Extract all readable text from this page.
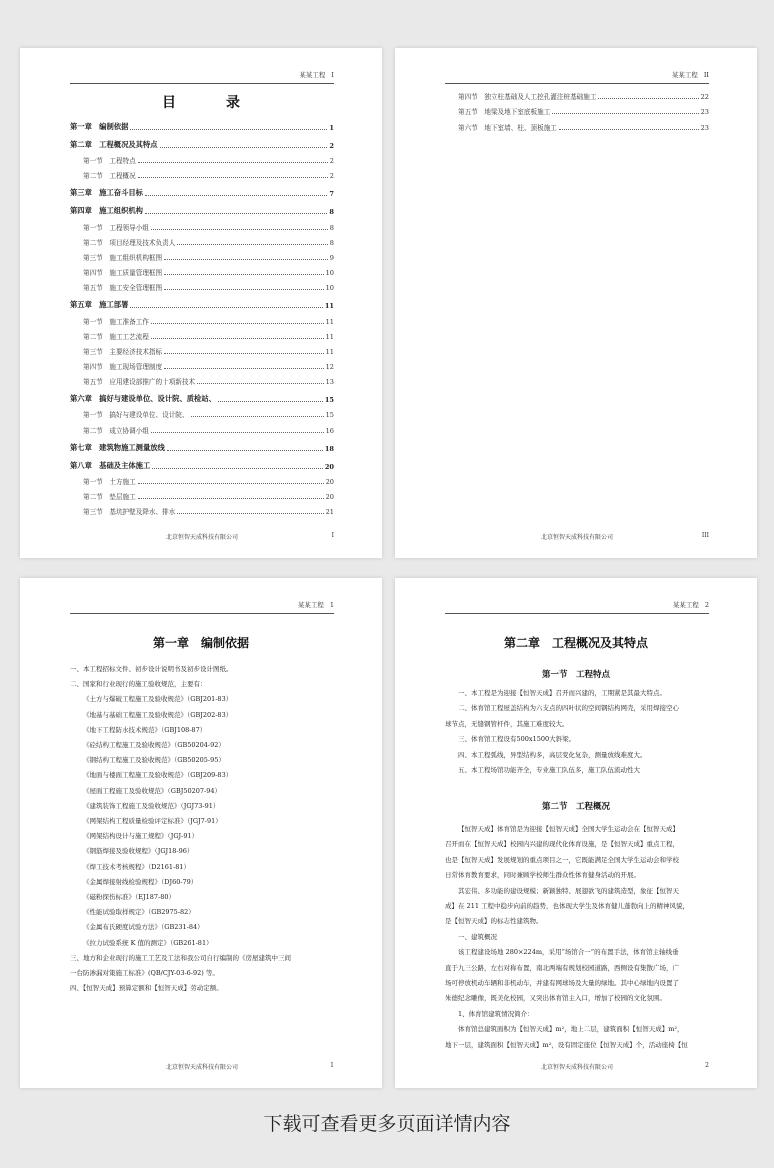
某某工程 I
目　录
第一章　编制依据	1
第二章　工程概况及其特点	2
第一节　工程特点	2
第二节　工程概况	2
第三章　施工奋斗目标	7
第四章　施工组织机构	8
第一节　工程领导小组	8
第二节　项目经理及技术负责人	8
第三节　施工组织机构框图	9
第四节　施工质量管理框图	10
第五节　施工安全管理框图	10
第五章　施工部署	11
第一节　施工准备工作	11
第二节　施工工艺流程	11
第三节　主要经济技术指标	11
第四节　施工现场管理制度	12
第五节　应用建设部推广的十项新技术	13
第六章　搞好与建设单位、设计院、质检站、	15
第一节　搞好与建设单位、设计院、	15
第二节　成立协调小组	16
第七章　建筑物施工测量放线	18
第八章　基础及主体施工	20
第一节　土方施工	20
第二节　垫层施工	20
第三节　基坑护壁及降水、排水	21
北京恒智天成科技有限公司	I
某某工程 II
第四节　独立柱基础及人工挖孔灌注桩基础施工	22
第五节　地梁及地下室底板施工	23
第六节　地下室墙、柱、顶板施工	23
北京恒智天成科技有限公司	III
某某工程 1
第一章　编制依据
一、本工程招标文件、初步设计说明书及初步设计图纸。
二、国家和行业现行的施工验收规范，主要有：
《土方与爆破工程施工及验收规范》（GBJ201-83）
《地基与基础工程施工及验收规范》（GBJ202-83）
《地下工程防水技术规范》（GBJ108-87）
《砼结构工程施工及验收规范》（GB50204-92）
《钢结构工程施工及验收规范》（GB50205-95）
《地面与楼面工程施工及验收规范》（GBJ209-83）
《屋面工程施工及验收规范》（GBJ50207-94）
《建筑装饰工程施工及验收规范》（JGJ73-91）
《网架结构工程质量检验评定标准》（JGJ7-91）
《网架结构设计与施工规程》（JGJ-91）
《钢筋焊接及验收规程》（JGJ18-96）
《焊工技术考核规程》（D2161-81）
《金属焊接射线检验规程》（DJ60-79）
《磁粉探伤标准》（EJ187-80）
《性能试验取样规定》（GB2975-82）
《金属布氏硬度试验方法》（GB231-84）
《拉力试验系统 K 值的测定》（GB261-81）
三、地方和企业现行的施工工艺及工法和我公司自行编制的《房屋建筑中三间
一台防渗漏对策施工标准》(QB/CJY-03-6-92) 等。
四、【恒智天成】预算定额和【恒智天成】劳动定额。
北京恒智天成科技有限公司	1
某某工程 2
第二章　工程概况及其特点
第一节　工程特点
一、本工程是为迎接【恒智天成】召开而兴建的，工期紧是其最大特点。
二、体育馆工程屋盖结构为六支点的四叶状的空间钢结构网壳，采用焊接空心
球节点，无缝钢管杆件，其施工难度较大。
三、体育馆工程设有500x1500大斜梁。
四、本工程弧线，异型结构多，高层变化复杂，测量放线难度大。
五、本工程场馆功能齐全，专业施工队伍多，施工队伍流动性大
第二节　工程概况
【恒智天成】体育馆是为迎接【恒智天成】全国大学生运动会在【恒智天成】
召开而在【恒智天成】校园内兴建的现代化体育设施，是【恒智天成】重点工程，
也是【恒智天成】发展规划的重点项目之一，它既能满足全国大学生运动会和学校
日常体育教育要求，同时兼顾学校师生群众性体育健身活动的开展。
其宏伟、多功能的建设规模；新颖独特、展翅欲飞的建筑造型，象征【恒智天
成】在 211 工程中稳步向前的趋势，也体现大学生及体育健儿蓬勃向上的精神风貌，
是【恒智天成】的标志性建筑物。
一、建筑概况
该工程建设场地 280×224m，采用“场馆合一”的布置手法，体育馆主轴线垂
直于九三公路，左右对称布置，南北两端有规划校园道路，西侧设有集散广场，广
场可停放机动车辆和非机动车，并建有网球场及大量的绿地。其中心绿地内设置了
朱德纪念雕像，既美化校园，又突出体育馆主入口，增加了校园的文化氛围。
1、体育馆建筑情况简介：
体育馆总建筑面积为【恒智天成】m²，地上二层，建筑面积【恒智天成】m²，
地下一层，建筑面积【恒智天成】m²，设有固定座位【恒智天成】个，活动座椅【恒
北京恒智天成科技有限公司	2
下载可查看更多页面详情内容
